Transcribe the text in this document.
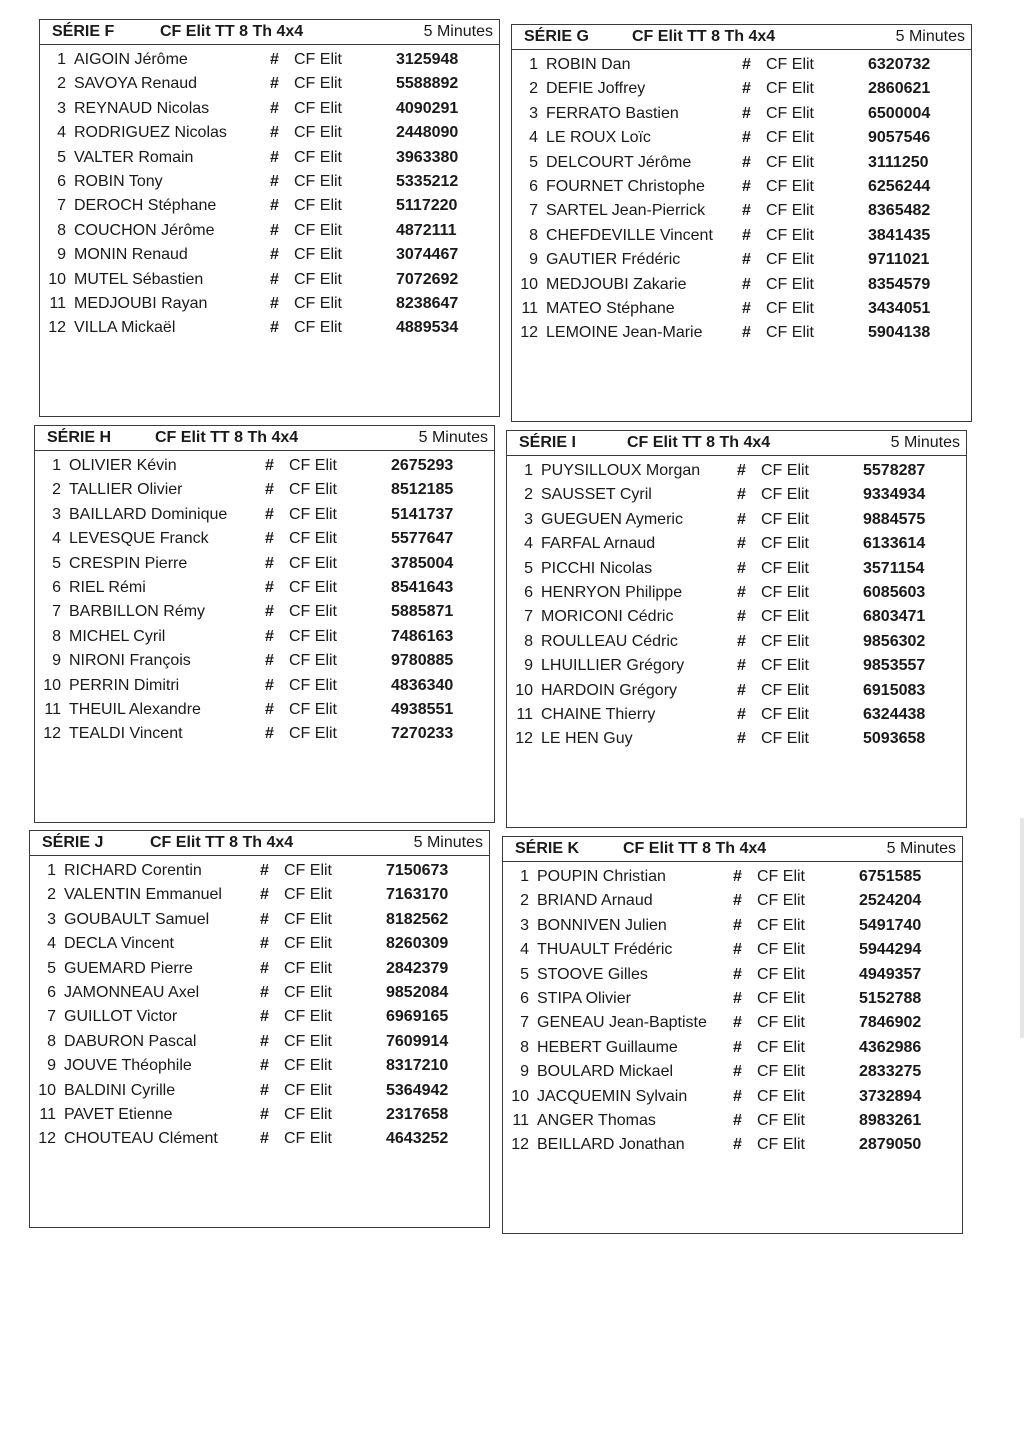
SÉRIE F	CF Elit TT 8 Th 4x4	5 Minutes
1 AIGOIN Jérôme	# CF Elit	3125948
2 SAVOYA Renaud	# CF Elit	5588892
3 REYNAUD Nicolas	# CF Elit	4090291
4 RODRIGUEZ Nicolas	# CF Elit	2448090
5 VALTER Romain	# CF Elit	3963380
6 ROBIN Tony	# CF Elit	5335212
7 DEROCH Stéphane	# CF Elit	5117220
8 COUCHON Jérôme	# CF Elit	4872111
9 MONIN Renaud	# CF Elit	3074467
10 MUTEL Sébastien	# CF Elit	7072692
11 MEDJOUBI Rayan	# CF Elit	8238647
12 VILLA Mickaël	# CF Elit	4889534
SÉRIE G	CF Elit TT 8 Th 4x4	5 Minutes
1 ROBIN Dan	# CF Elit	6320732
2 DEFIE Joffrey	# CF Elit	2860621
3 FERRATO Bastien	# CF Elit	6500004
4 LE ROUX Loïc	# CF Elit	9057546
5 DELCOURT Jérôme	# CF Elit	3111250
6 FOURNET Christophe # CF Elit	6256244
7 SARTEL Jean-Pierrick # CF Elit	8365482
8 CHEFDEVILLE Vincent # CF Elit	3841435
9 GAUTIER Frédéric	# CF Elit	9711021
10 MEDJOUBI Zakarie	# CF Elit	8354579
11 MATEO Stéphane	# CF Elit	3434051
12 LEMOINE Jean-Marie # CF Elit	5904138
SÉRIE H	CF Elit TT 8 Th 4x4	5 Minutes
1 OLIVIER Kévin	# CF Elit	2675293
2 TALLIER Olivier	# CF Elit	8512185
3 BAILLARD Dominique # CF Elit	5141737
4 LEVESQUE Franck	# CF Elit	5577647
5 CRESPIN Pierre	# CF Elit	3785004
6 RIEL Rémi	# CF Elit	8541643
7 BARBILLON Rémy	# CF Elit	5885871
8 MICHEL Cyril	# CF Elit	7486163
9 NIRONI François	# CF Elit	9780885
10 PERRIN Dimitri	# CF Elit	4836340
11 THEUIL Alexandre	# CF Elit	4938551
12 TEALDI Vincent	# CF Elit	7270233
SÉRIE I	CF Elit TT 8 Th 4x4	5 Minutes
1 PUYSILLOUX Morgan # CF Elit	5578287
2 SAUSSET Cyril	# CF Elit	9334934
3 GUEGUEN Aymeric	# CF Elit	9884575
4 FARFAL Arnaud	# CF Elit	6133614
5 PICCHI Nicolas	# CF Elit	3571154
6 HENRYON Philippe	# CF Elit	6085603
7 MORICONI Cédric	# CF Elit	6803471
8 ROULLEAU Cédric	# CF Elit	9856302
9 LHUILLIER Grégory	# CF Elit	9853557
10 HARDOIN Grégory	# CF Elit	6915083
11 CHAINE Thierry	# CF Elit	6324438
12 LE HEN Guy	# CF Elit	5093658
SÉRIE J	CF Elit TT 8 Th 4x4	5 Minutes
1 RICHARD Corentin	# CF Elit	7150673
2 VALENTIN Emmanuel # CF Elit	7163170
3 GOUBAULT Samuel	# CF Elit	8182562
4 DECLA Vincent	# CF Elit	8260309
5 GUEMARD Pierre	# CF Elit	2842379
6 JAMONNEAU Axel	# CF Elit	9852084
7 GUILLOT Victor	# CF Elit	6969165
8 DABURON Pascal	# CF Elit	7609914
9 JOUVE Théophile	# CF Elit	8317210
10 BALDINI Cyrille	# CF Elit	5364942
11 PAVET Etienne	# CF Elit	2317658
12 CHOUTEAU Clément	# CF Elit	4643252
SÉRIE K	CF Elit TT 8 Th 4x4	5 Minutes
1 POUPIN Christian	# CF Elit	6751585
2 BRIAND Arnaud	# CF Elit	2524204
3 BONNIVEN Julien	# CF Elit	5491740
4 THUAULT Frédéric	# CF Elit	5944294
5 STOOVE Gilles	# CF Elit	4949357
6 STIPA Olivier	# CF Elit	5152788
7 GENEAU Jean-Baptiste # CF Elit	7846902
8 HEBERT Guillaume	# CF Elit	4362986
9 BOULARD Mickael	# CF Elit	2833275
10 JACQUEMIN Sylvain	# CF Elit	3732894
11 ANGER Thomas	# CF Elit	8983261
12 BEILLARD Jonathan	# CF Elit	2879050
